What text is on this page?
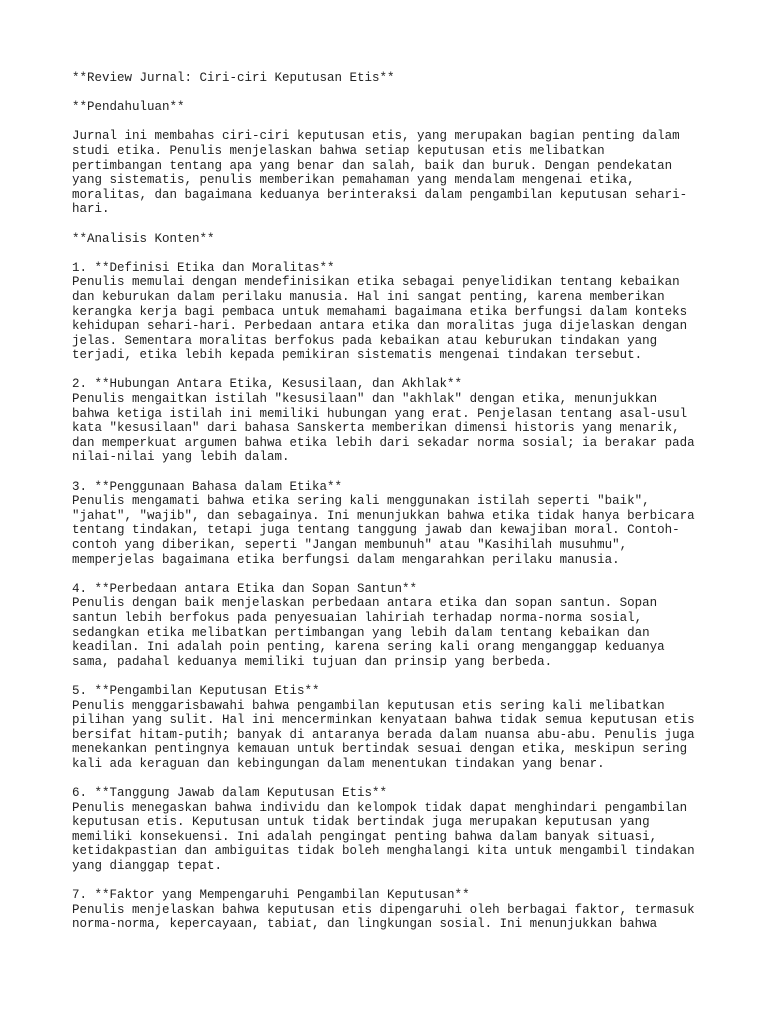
**Review Jurnal: Ciri-ciri Keputusan Etis**
**Pendahuluan**
Jurnal ini membahas ciri-ciri keputusan etis, yang merupakan bagian penting dalam
studi etika. Penulis menjelaskan bahwa setiap keputusan etis melibatkan
pertimbangan tentang apa yang benar dan salah, baik dan buruk. Dengan pendekatan
yang sistematis, penulis memberikan pemahaman yang mendalam mengenai etika,
moralitas, dan bagaimana keduanya berinteraksi dalam pengambilan keputusan sehari-
hari.
**Analisis Konten**
1. **Definisi Etika dan Moralitas**
Penulis memulai dengan mendefinisikan etika sebagai penyelidikan tentang kebaikan
dan keburukan dalam perilaku manusia. Hal ini sangat penting, karena memberikan
kerangka kerja bagi pembaca untuk memahami bagaimana etika berfungsi dalam konteks
kehidupan sehari-hari. Perbedaan antara etika dan moralitas juga dijelaskan dengan
jelas. Sementara moralitas berfokus pada kebaikan atau keburukan tindakan yang
terjadi, etika lebih kepada pemikiran sistematis mengenai tindakan tersebut.
2. **Hubungan Antara Etika, Kesusilaan, dan Akhlak**
Penulis mengaitkan istilah "kesusilaan" dan "akhlak" dengan etika, menunjukkan
bahwa ketiga istilah ini memiliki hubungan yang erat. Penjelasan tentang asal-usul
kata "kesusilaan" dari bahasa Sanskerta memberikan dimensi historis yang menarik,
dan memperkuat argumen bahwa etika lebih dari sekadar norma sosial; ia berakar pada
nilai-nilai yang lebih dalam.
3. **Penggunaan Bahasa dalam Etika**
Penulis mengamati bahwa etika sering kali menggunakan istilah seperti "baik",
"jahat", "wajib", dan sebagainya. Ini menunjukkan bahwa etika tidak hanya berbicara
tentang tindakan, tetapi juga tentang tanggung jawab dan kewajiban moral. Contoh-
contoh yang diberikan, seperti "Jangan membunuh" atau "Kasihilah musuhmu",
memperjelas bagaimana etika berfungsi dalam mengarahkan perilaku manusia.
4. **Perbedaan antara Etika dan Sopan Santun**
Penulis dengan baik menjelaskan perbedaan antara etika dan sopan santun. Sopan
santun lebih berfokus pada penyesuaian lahiriah terhadap norma-norma sosial,
sedangkan etika melibatkan pertimbangan yang lebih dalam tentang kebaikan dan
keadilan. Ini adalah poin penting, karena sering kali orang menganggap keduanya
sama, padahal keduanya memiliki tujuan dan prinsip yang berbeda.
5. **Pengambilan Keputusan Etis**
Penulis menggarisbawahi bahwa pengambilan keputusan etis sering kali melibatkan
pilihan yang sulit. Hal ini mencerminkan kenyataan bahwa tidak semua keputusan etis
bersifat hitam-putih; banyak di antaranya berada dalam nuansa abu-abu. Penulis juga
menekankan pentingnya kemauan untuk bertindak sesuai dengan etika, meskipun sering
kali ada keraguan dan kebingungan dalam menentukan tindakan yang benar.
6. **Tanggung Jawab dalam Keputusan Etis**
Penulis menegaskan bahwa individu dan kelompok tidak dapat menghindari pengambilan
keputusan etis. Keputusan untuk tidak bertindak juga merupakan keputusan yang
memiliki konsekuensi. Ini adalah pengingat penting bahwa dalam banyak situasi,
ketidakpastian dan ambiguitas tidak boleh menghalangi kita untuk mengambil tindakan
yang dianggap tepat.
7. **Faktor yang Mempengaruhi Pengambilan Keputusan**
Penulis menjelaskan bahwa keputusan etis dipengaruhi oleh berbagai faktor, termasuk
norma-norma, kepercayaan, tabiat, dan lingkungan sosial. Ini menunjukkan bahwa
